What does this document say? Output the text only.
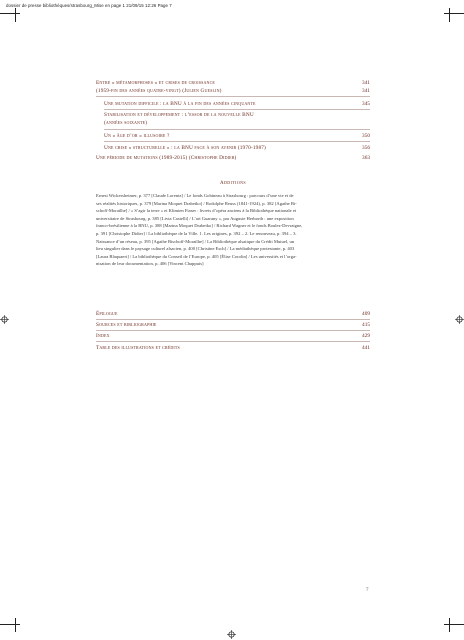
dossier de presse bibliothèques/strasbourg_Mise en page 1 21/09/15 12:26 Page 7
Entre « métamorphoses » et crises de croissance	341
(1959-fin des années quatre-vingt) (Julien Gueslin)	341
Une mutation difficile : la BNU à la fin des années cinquante	345
Stabilisation et développement : l’essor de la nouvelle BNU
(années soixante)
Un « âge d’or » illusoire ?	350
Une crise « structurelle » : la BNU face à son avenir (1970-1987)	356
Une période de mutations (1989-2015) (Christophe Didier)	363
Additions
Ernest Wickersheimer, p. 377 [Claude Lorentz] / Le fonds Gobineau à Strasbourg : parcours d’une vie et de
ses réalités historiques, p. 379 [Marina Moquet Drabetko] / Rodolphe Reuss (1841-1924), p. 382 [Agathe Bi-
schoff-Morailhe] / « S’agir la terre » et Klimten Fiaser : livrets d’opéra anciens à la Bibliothèque nationale et
universitaire de Strasbourg, p. 385 [Livia Castelli] / L’art Guarany », par Auguste Herborth : une exposition
franco-brésilienne à la BNU, p. 388 [Marina Moquet Drabetko] / Richard Wagner et le fonds Boulez-Devraigne,
p. 391 [Christophe Didier] / La bibliothèque de la Ville. 1. Les origines, p. 392 – 2. Le renouveau, p. 394 – 3.
Naissance d’un réseau, p. 395 [Agathe Bischoff-Morailhe] / La Bibliothèque alsatique du Crédit Mutuel, un
lieu singulier dans le paysage culturel alsacien, p. 400 [Christine Esch] / La médiathèque protestante, p. 403
[Laura Blaquaert] / La bibliothèque du Conseil de l’Europe, p. 405 [Élise Corolin] / Les universités et l’orga-
nisation de leur documentation, p. 406 [Vincent Chappuis]
Épilogue	409
Sources et bibliographie	415
Index	429
Table des illustrations et crédits	441
7
